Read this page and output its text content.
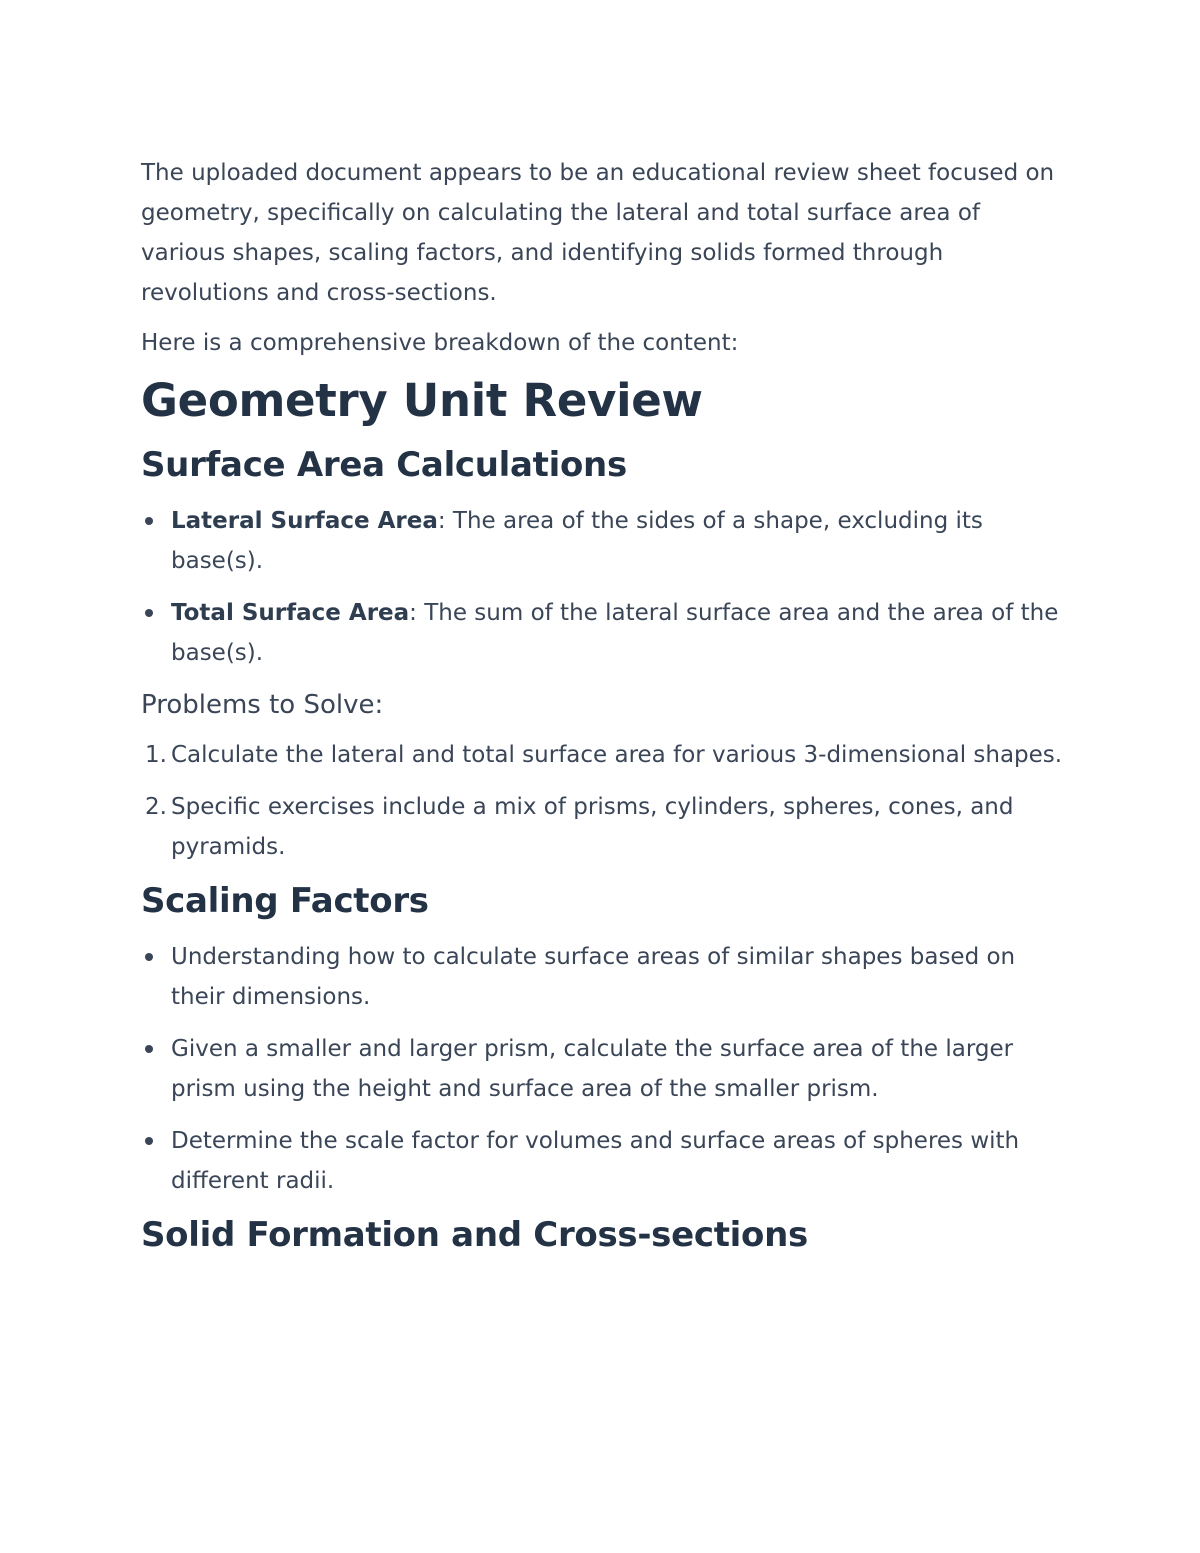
The uploaded document appears to be an educational review sheet focused on geometry, specifically on calculating the lateral and total surface area of various shapes, scaling factors, and identifying solids formed through revolutions and cross-sections.

Here is a comprehensive breakdown of the content:

Geometry Unit Review
Surface Area Calculations
Lateral Surface Area: The area of the sides of a shape, excluding its base(s).
Total Surface Area: The sum of the lateral surface area and the area of the base(s).
Problems to Solve:
1. Calculate the lateral and total surface area for various 3-dimensional shapes.
2. Specific exercises include a mix of prisms, cylinders, spheres, cones, and pyramids.
Scaling Factors
Understanding how to calculate surface areas of similar shapes based on their dimensions.
Given a smaller and larger prism, calculate the surface area of the larger prism using the height and surface area of the smaller prism.
Determine the scale factor for volumes and surface areas of spheres with different radii.
Solid Formation and Cross-sections
